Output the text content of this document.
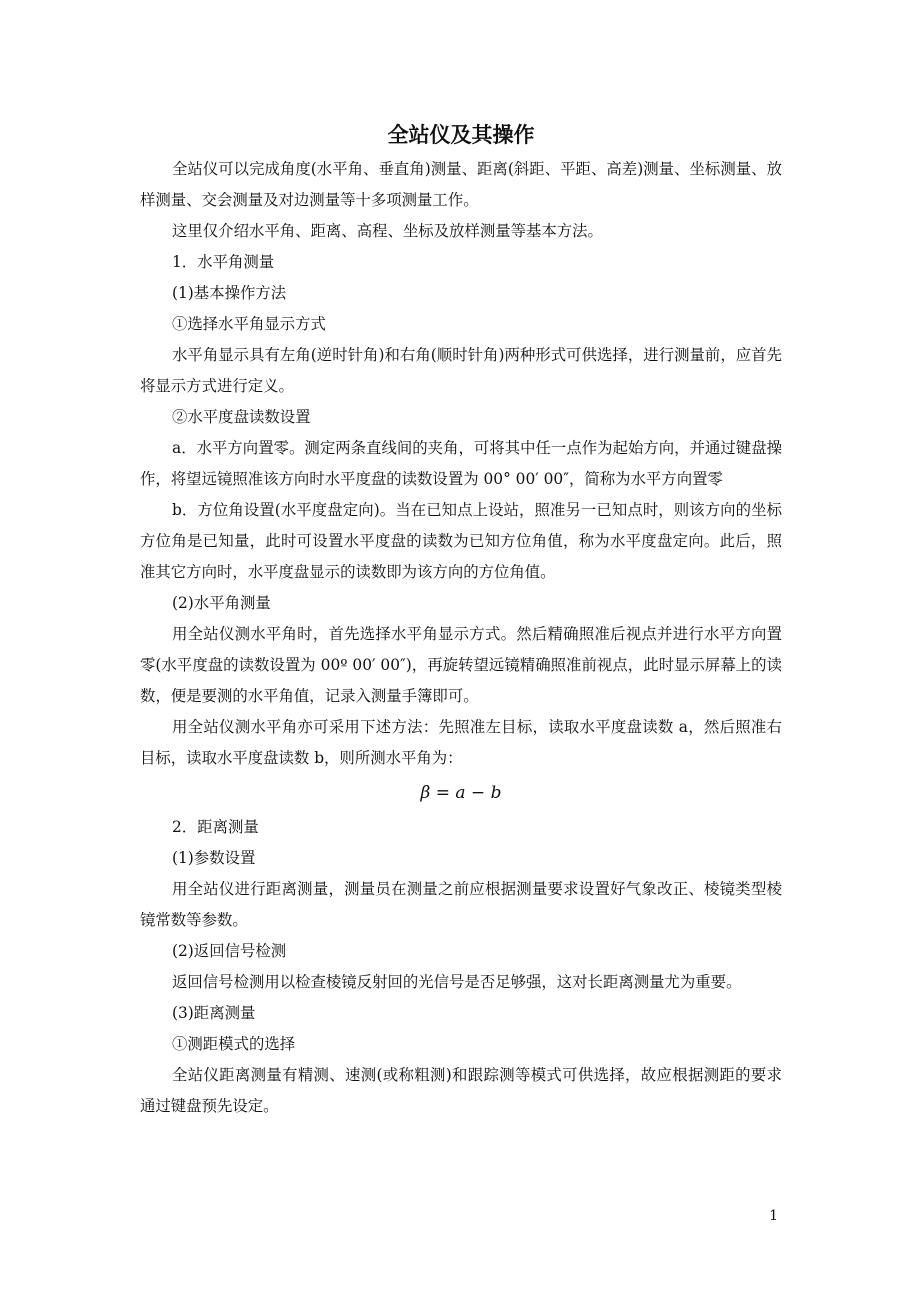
全站仪及其操作

全站仪可以完成角度(水平角、垂直角)测量、距离(斜距、平距、高差)测量、坐标测量、放样测量、交会测量及对边测量等十多项测量工作。

这里仅介绍水平角、距离、高程、坐标及放样测量等基本方法。

1．水平角测量

(1)基本操作方法

①选择水平角显示方式

水平角显示具有左角(逆时针角)和右角(顺时针角)两种形式可供选择，进行测量前，应首先将显示方式进行定义。

②水平度盘读数设置

a．水平方向置零。测定两条直线间的夹角，可将其中任一点作为起始方向，并通过键盘操作，将望远镜照准该方向时水平度盘的读数设置为 00° 00′ 00″，简称为水平方向置零

b．方位角设置(水平度盘定向)。当在已知点上设站，照准另一已知点时，则该方向的坐标方位角是已知量，此时可设置水平度盘的读数为已知方位角值，称为水平度盘定向。此后，照准其它方向时，水平度盘显示的读数即为该方向的方位角值。

(2)水平角测量

用全站仪测水平角时，首先选择水平角显示方式。然后精确照准后视点并进行水平方向置零(水平度盘的读数设置为 00º 00′ 00″)，再旋转望远镜精确照准前视点，此时显示屏幕上的读数，便是要测的水平角值，记录入测量手簿即可。

用全站仪测水平角亦可采用下述方法：先照准左目标，读取水平度盘读数 a，然后照准右目标，读取水平度盘读数 b，则所测水平角为：

β = a − b

2．距离测量

(1)参数设置

用全站仪进行距离测量，测量员在测量之前应根据测量要求设置好气象改正、棱镜类型棱镜常数等参数。

(2)返回信号检测

返回信号检测用以检查棱镜反射回的光信号是否足够强，这对长距离测量尤为重要。

(3)距离测量

①测距模式的选择

全站仪距离测量有精测、速测(或称粗测)和跟踪测等模式可供选择，故应根据测距的要求通过键盘预先设定。

1
